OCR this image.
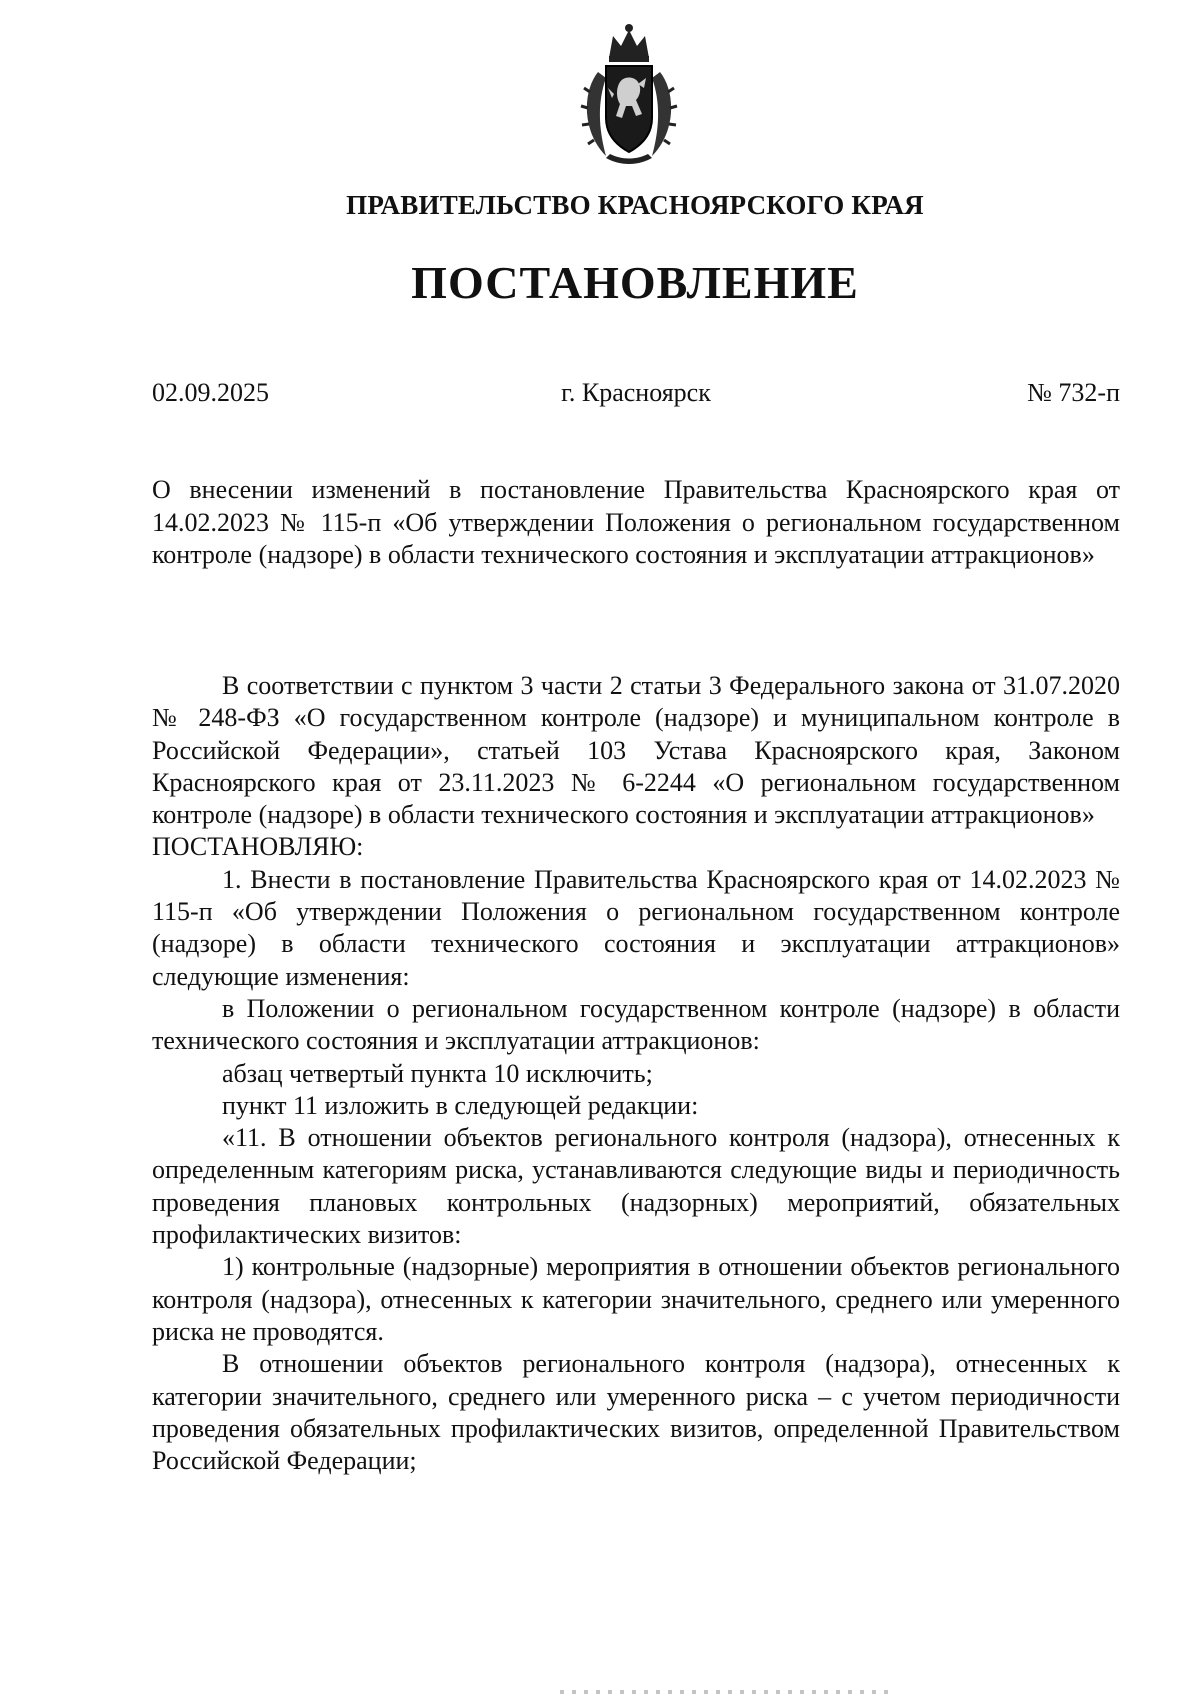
ПРАВИТЕЛЬСТВО КРАСНОЯРСКОГО КРАЯ
ПОСТАНОВЛЕНИЕ
г. Красноярск
02.09.2025	№ 732-п
О внесении изменений в постановление Правительства Красноярского края от 14.02.2023 № 115-п «Об утверждении Положения о региональном государственном контроле (надзоре) в области технического состояния и эксплуатации аттракционов»

В соответствии с пунктом 3 части 2 статьи 3 Федерального закона от 31.07.2020 № 248-ФЗ «О государственном контроле (надзоре) и муниципальном контроле в Российской Федерации», статьей 103 Устава Красноярского края, Законом Красноярского края от 23.11.2023 № 6-2244 «О региональном государственном контроле (надзоре) в области технического состояния и эксплуатации аттракционов»

ПОСТАНОВЛЯЮ:

1. Внести в постановление Правительства Красноярского края от 14.02.2023 № 115-п «Об утверждении Положения о региональном государственном контроле (надзоре) в области технического состояния и эксплуатации аттракционов» следующие изменения:

в Положении о региональном государственном контроле (надзоре) в области технического состояния и эксплуатации аттракционов:

абзац четвертый пункта 10 исключить;

пункт 11 изложить в следующей редакции:

«11. В отношении объектов регионального контроля (надзора), отнесенных к определенным категориям риска, устанавливаются следующие виды и периодичность проведения плановых контрольных (надзорных) мероприятий, обязательных профилактических визитов:

1) контрольные (надзорные) мероприятия в отношении объектов регионального контроля (надзора), отнесенных к категории значительного, среднего или умеренного риска не проводятся.

В отношении объектов регионального контроля (надзора), отнесенных к категории значительного, среднего или умеренного риска – с учетом периодичности проведения обязательных профилактических визитов, определенной Правительством Российской Федерации;
